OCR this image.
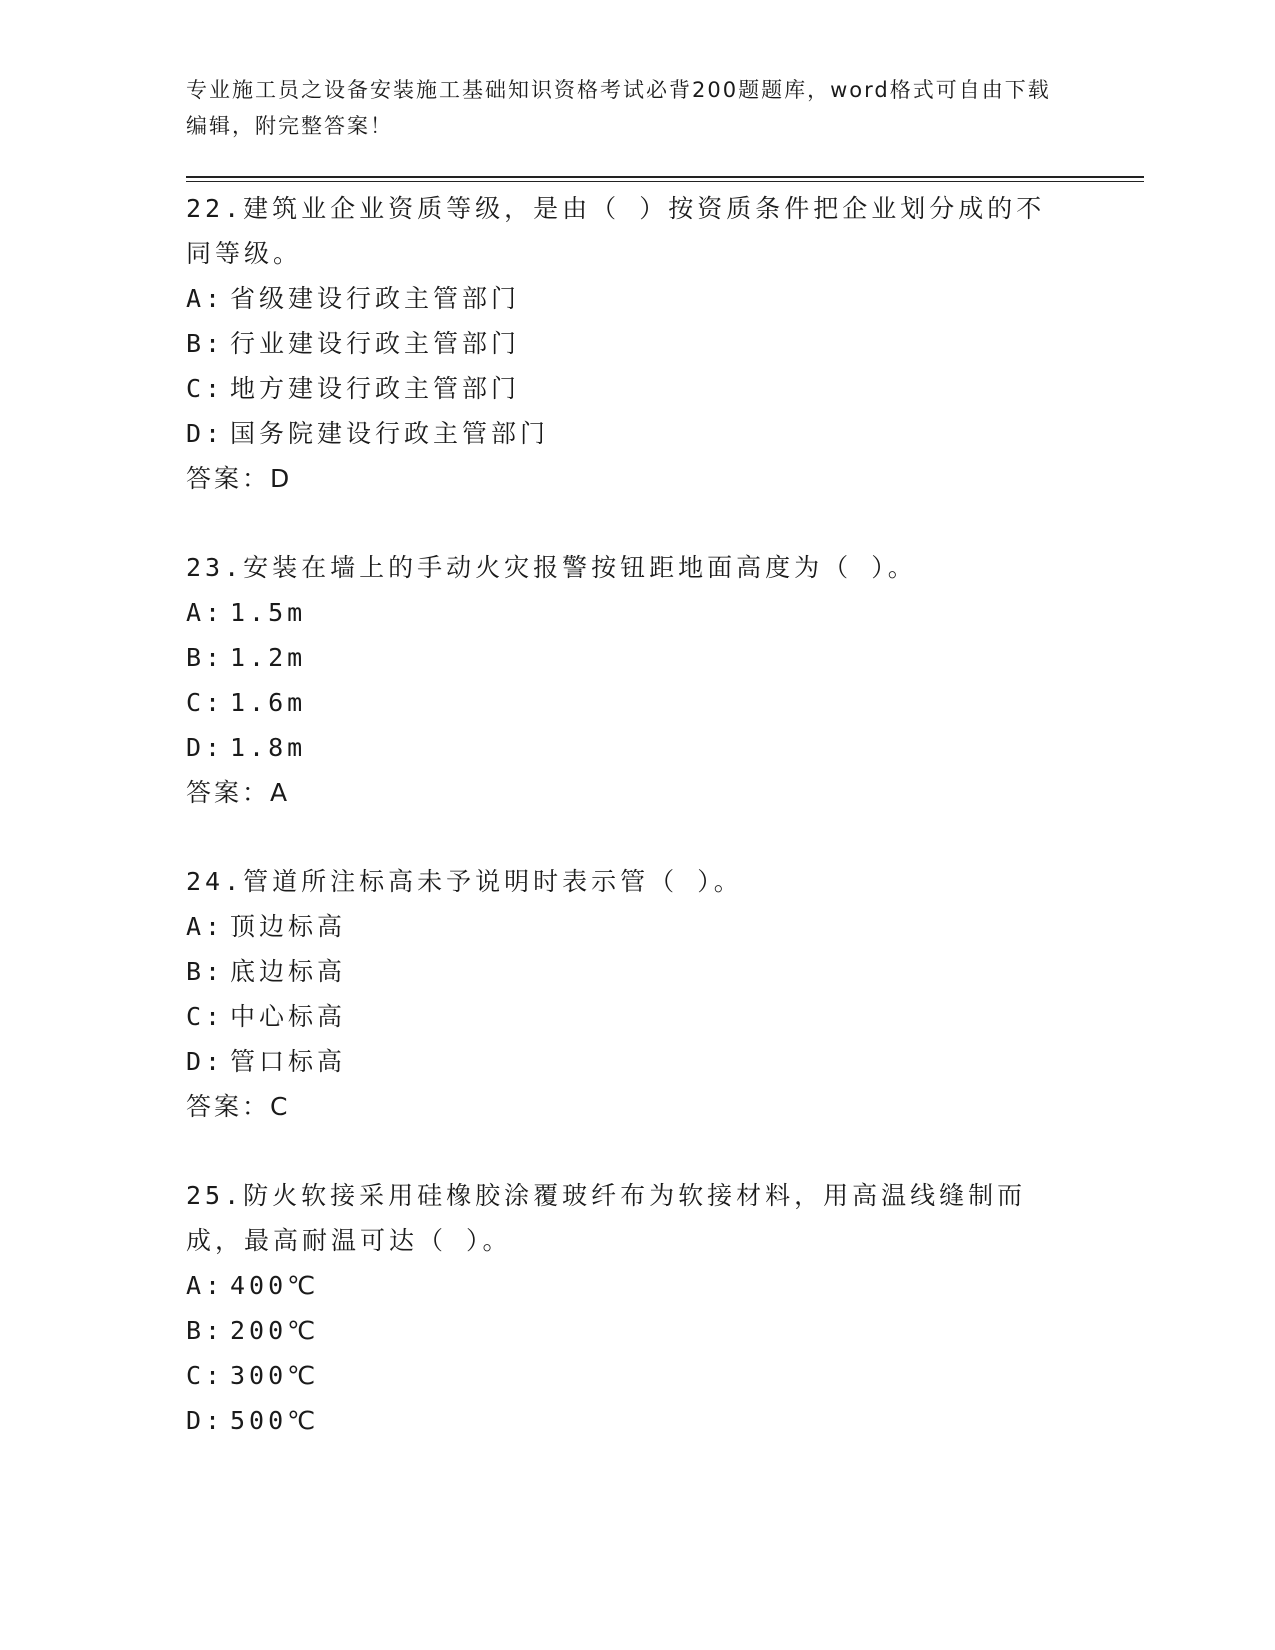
专业施工员之设备安装施工基础知识资格考试必背200题题库，word格式可自由下载编辑，附完整答案！

22.建筑业企业资质等级，是由（ ）按资质条件把企业划分成的不同等级。

A: 省级建设行政主管部门
B: 行业建设行政主管部门
C: 地方建设行政主管部门
D: 国务院建设行政主管部门

答案：D

23.安装在墙上的手动火灾报警按钮距地面高度为（ ）。

A: 1.5m
B: 1.2m
C: 1.6m
D: 1.8m

答案：A

24.管道所注标高未予说明时表示管（ ）。

A: 顶边标高
B: 底边标高
C: 中心标高
D: 管口标高

答案：C

25.防火软接采用硅橡胶涂覆玻纤布为软接材料，用高温线缝制而成，最高耐温可达（ ）。

A: 400℃
B: 200℃
C: 300℃
D: 500℃
